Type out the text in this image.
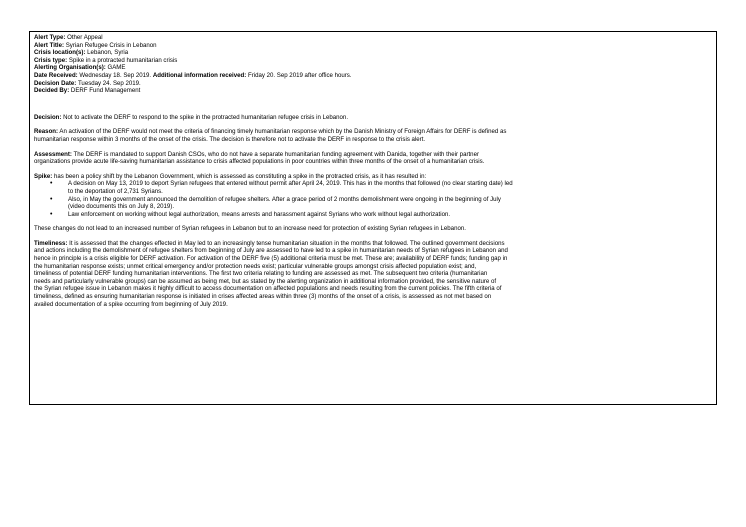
Alert Type: Other Appeal
Alert Title: Syrian Refugee Crisis in Lebanon
Crisis location(s): Lebanon, Syria
Crisis type: Spike in a protracted humanitarian crisis
Alerting Organisation(s): GAME
Date Received: Wednesday 18. Sep 2019. Additional information received: Friday 20. Sep 2019 after office hours.
Decision Date: Tuesday 24. Sep 2019.
Decided By: DERF Fund Management
Decision: Not to activate the DERF to respond to the spike in the protracted humanitarian refugee crisis in Lebanon.
Reason: An activation of the DERF would not meet the criteria of financing timely humanitarian response which by the Danish Ministry of Foreign Affairs for DERF is defined as
humanitarian response within 3 months of the onset of the crisis. The decision is therefore not to activate the DERF in response to the crisis alert.
Assessment: The DERF is mandated to support Danish CSOs, who do not have a separate humanitarian funding agreement with Danida, together with their partner
organizations provide acute life-saving humanitarian assistance to crisis affected populations in poor countries within three months of the onset of a humanitarian crisis.
Spike: has been a policy shift by the Lebanon Government, which is assessed as constituting a spike in the protracted crisis, as it has resulted in:
• A decision on May 13, 2019 to deport Syrian refugees that entered without permit after April 24, 2019. This has in the months that followed (no clear starting date) led
to the deportation of 2,731 Syrians.
• Also, in May the government announced the demolition of refugee shelters. After a grace period of 2 months demolishment were ongoing in the beginning of July
(video documents this on July 8, 2019).
• Law enforcement on working without legal authorization, means arrests and harassment against Syrians who work without legal authorization.
These changes do not lead to an increased number of Syrian refugees in Lebanon but to an increase need for protection of existing Syrian refugees in Lebanon.
Timeliness: It is assessed that the changes effected in May led to an increasingly tense humanitarian situation in the months that followed. The outlined government decisions
and actions including the demolishment of refugee shelters from beginning of July are assessed to have led to a spike in humanitarian needs of Syrian refugees in Lebanon and
hence in principle is a crisis eligible for DERF activation. For activation of the DERF five (5) additional criteria must be met. These are; availability of DERF funds; funding gap in
the humanitarian response exists; unmet critical emergency and/or protection needs exist; particular vulnerable groups amongst crisis affected population exist; and,
timeliness of potential DERF funding humanitarian interventions. The first two criteria relating to funding are assessed as met. The subsequent two criteria (humanitarian
needs and particularly vulnerable groups) can be assumed as being met, but as stated by the alerting organization in additional information provided, the sensitive nature of
the Syrian refugee issue in Lebanon makes it highly difficult to access documentation on affected populations and needs resulting from the current policies. The fifth criteria of
timeliness, defined as ensuring humanitarian response is initiated in crises affected areas within three (3) months of the onset of a crisis, is assessed as not met based on
availed documentation of a spike occurring from beginning of July 2019.
